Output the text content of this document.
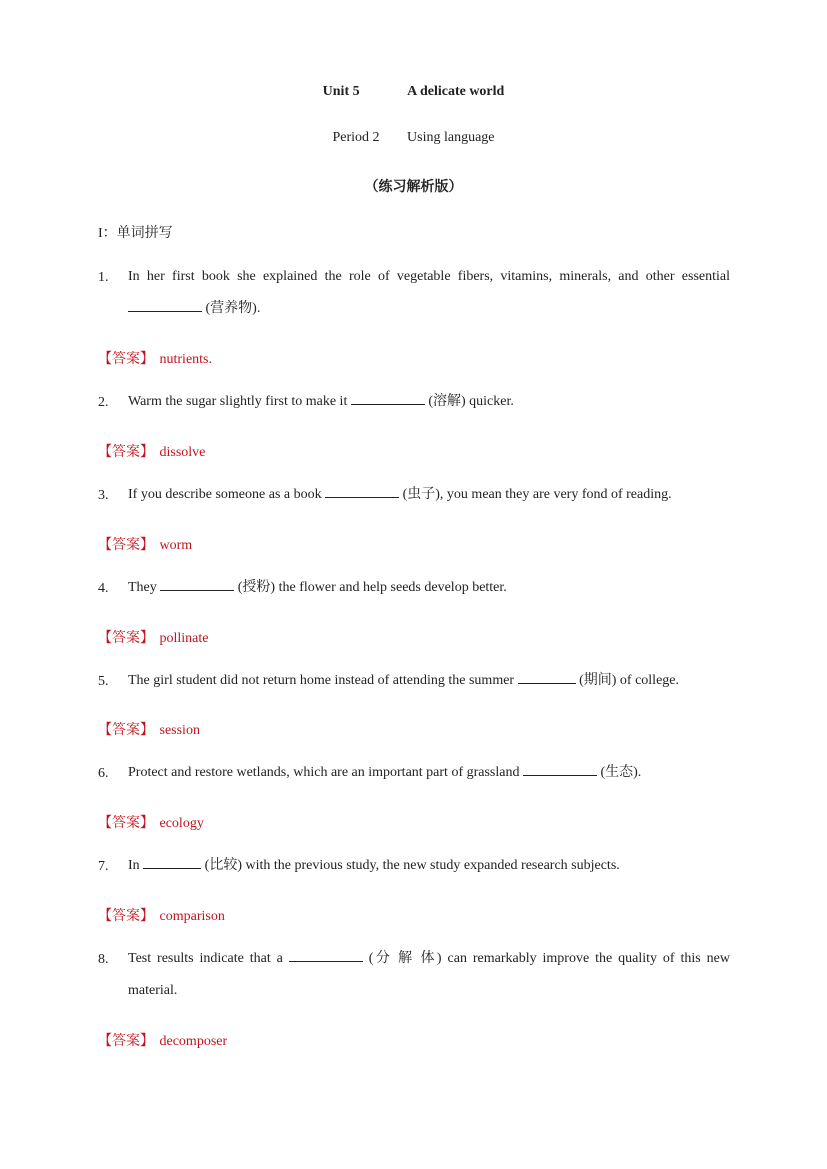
Unit 5	A delicate world
Period 2 Using language
（练习解析版）
I：单词拼写
1. In her first book she explained the role of vegetable fibers, vitamins, minerals, and other essential  (营养物).
【答案】 nutrients.
2. Warm the sugar slightly first to make it	(溶解) quicker.
【答案】 dissolve
3. If you describe someone as a book	(虫子), you mean they are very fond of reading.
【答案】 worm
4. They	(授粉) the flower and help seeds develop better.
【答案】 pollinate
5. The girl student did not return home instead of attending the summer	(期间) of college.
【答案】 session
6. Protect and restore wetlands, which are an important part of grassland	(生态).
【答案】 ecology
7. In	(比较) with the previous study, the new study expanded research subjects.
【答案】 comparison
8. Test results indicate that a	(分 解 体) can remarkably improve the quality of this new material.
【答案】 decomposer
